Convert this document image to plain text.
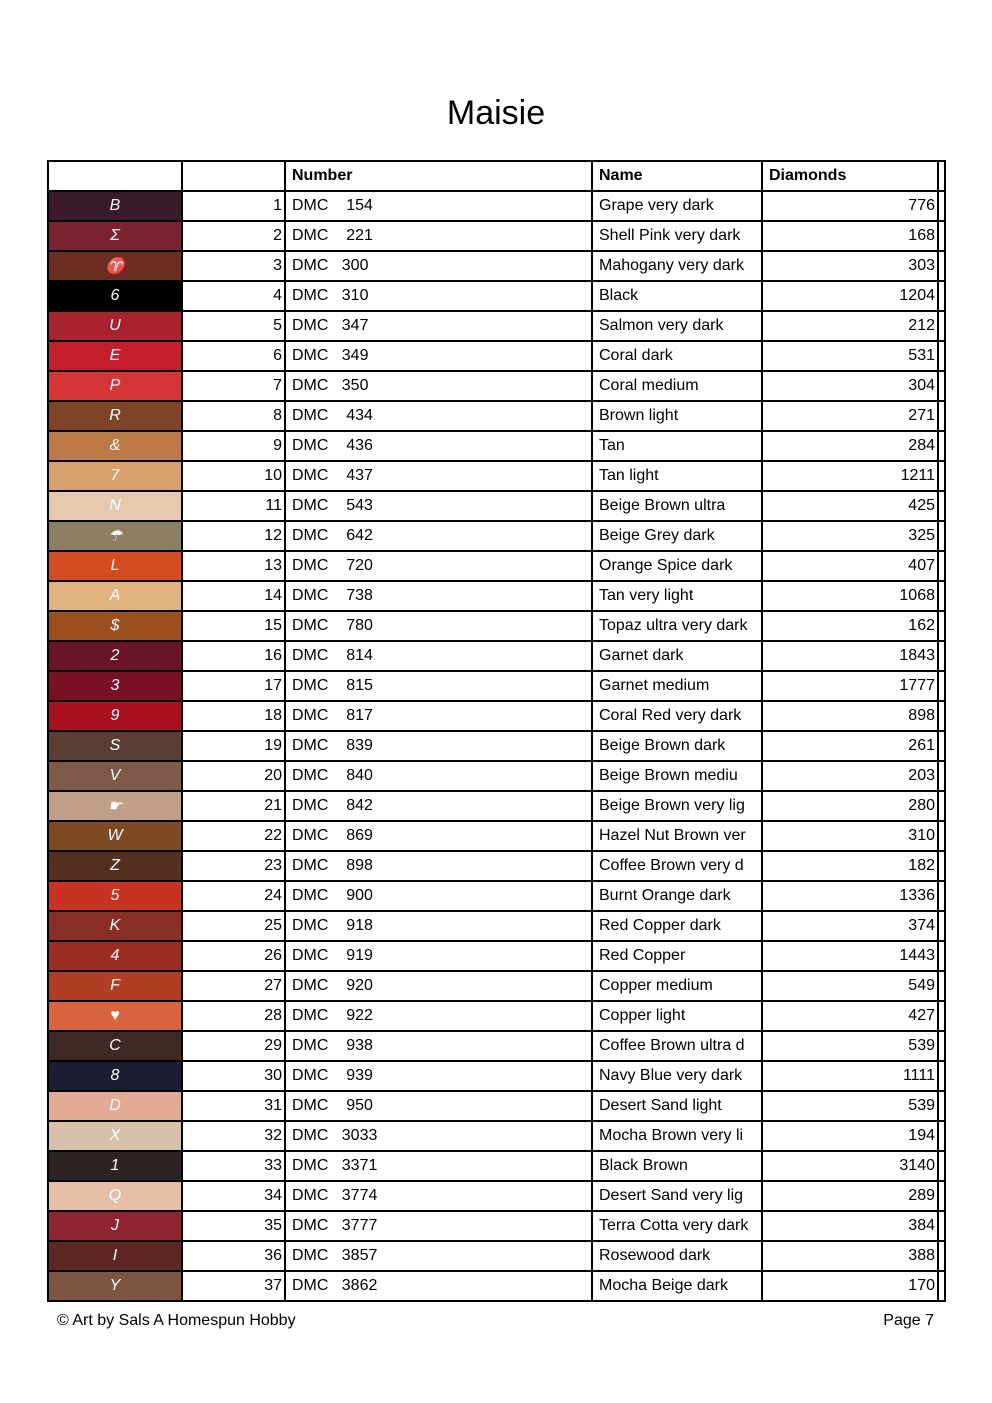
Maisie
		Number	Name	Diamonds	
B	1	DMC    154	Grape very dark	776	
Σ	2	DMC    221	Shell Pink very dark	168	
♈	3	DMC   300	Mahogany very dark	303	
6	4	DMC   310	Black	1204	
U	5	DMC   347	Salmon very dark	212	
E	6	DMC   349	Coral dark	531	
P	7	DMC   350	Coral medium	304	
R	8	DMC    434	Brown light	271	
&	9	DMC    436	Tan	284	
7	10	DMC    437	Tan light	1211	
N	11	DMC    543	Beige Brown ultra	425	
☂	12	DMC    642	Beige Grey dark	325	
L	13	DMC    720	Orange Spice dark	407	
A	14	DMC    738	Tan very light	1068	
$	15	DMC    780	Topaz ultra very dark	162	
2	16	DMC    814	Garnet dark	1843	
3	17	DMC    815	Garnet medium	1777	
9	18	DMC    817	Coral Red very dark	898	
S	19	DMC    839	Beige Brown dark	261	
V	20	DMC    840	Beige Brown mediu	203	
☛	21	DMC    842	Beige Brown very lig	280	
W	22	DMC    869	Hazel Nut Brown ver	310	
Z	23	DMC    898	Coffee Brown very d	182	
5	24	DMC    900	Burnt Orange dark	1336	
K	25	DMC    918	Red Copper dark	374	
4	26	DMC    919	Red Copper	1443	
F	27	DMC    920	Copper medium	549	
♥	28	DMC    922	Copper light	427	
C	29	DMC    938	Coffee Brown ultra d	539	
8	30	DMC    939	Navy Blue very dark	1111	
D	31	DMC    950	Desert Sand light	539	
X	32	DMC   3033	Mocha Brown very li	194	
1	33	DMC   3371	Black Brown	3140	
Q	34	DMC   3774	Desert Sand very lig	289	
J	35	DMC   3777	Terra Cotta very dark	384	
I	36	DMC   3857	Rosewood dark	388	
Y	37	DMC   3862	Mocha Beige dark	170	
© Art by Sals A Homespun Hobby	Page 7
